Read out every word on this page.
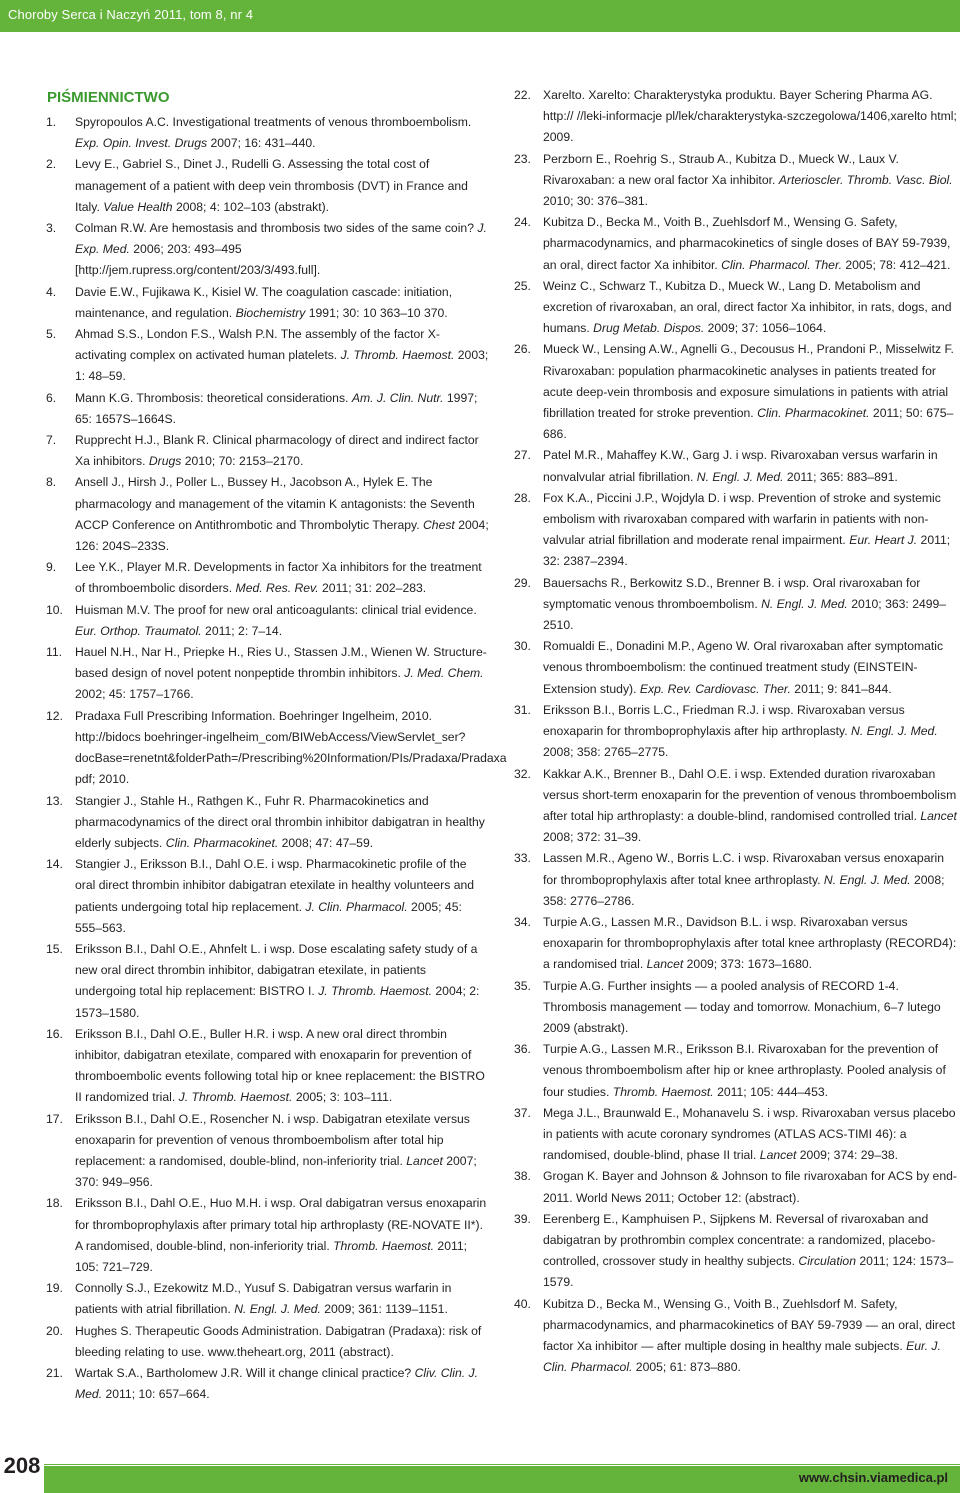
Choroby Serca i Naczyń 2011, tom 8, nr 4
PIŚMIENNICTWO

1. Spyropoulos A.C. Investigational treatments of venous thromboembolism. Exp. Opin. Invest. Drugs 2007; 16: 431–440.

2. Levy E., Gabriel S., Dinet J., Rudelli G. Assessing the total cost of management of a patient with deep vein thrombosis (DVT) in France and Italy. Value Health 2008; 4: 102–103 (abstrakt).

3. Colman R.W. Are hemostasis and thrombosis two sides of the same coin? J. Exp. Med. 2006; 203: 493–495 [http://jem.rupress.org/content/203/3/493.full].

4. Davie E.W., Fujikawa K., Kisiel W. The coagulation cascade: initiation, maintenance, and regulation. Biochemistry 1991; 30: 10 363–10 370.

5. Ahmad S.S., London F.S., Walsh P.N. The assembly of the factor X-activating complex on activated human platelets. J. Thromb. Haemost. 2003; 1: 48–59.

6. Mann K.G. Thrombosis: theoretical considerations. Am. J. Clin. Nutr. 1997; 65: 1657S–1664S.

7. Rupprecht H.J., Blank R. Clinical pharmacology of direct and indirect factor Xa inhibitors. Drugs 2010; 70: 2153–2170.

8. Ansell J., Hirsh J., Poller L., Bussey H., Jacobson A., Hylek E. The pharmacology and management of the vitamin K antagonists: the Seventh ACCP Conference on Antithrombotic and Thrombolytic Therapy. Chest 2004; 126: 204S–233S.

9. Lee Y.K., Player M.R. Developments in factor Xa inhibitors for the treatment of thromboembolic disorders. Med. Res. Rev. 2011; 31: 202–283.

10. Huisman M.V. The proof for new oral anticoagulants: clinical trial evidence. Eur. Orthop. Traumatol. 2011; 2: 7–14.

11. Hauel N.H., Nar H., Priepke H., Ries U., Stassen J.M., Wienen W. Structure-based design of novel potent nonpeptide thrombin inhibitors. J. Med. Chem. 2002; 45: 1757–1766.

12. Pradaxa Full Prescribing Information. Boehringer Ingelheim, 2010. http://bidocs boehringer-ingelheim_com/BIWebAccess/ViewServlet_ser?docBase=renetnt&folderPath=/Prescribing%20Information/PIs/Pradaxa/Pradaxa pdf; 2010.

13. Stangier J., Stahle H., Rathgen K., Fuhr R. Pharmacokinetics and pharmacodynamics of the direct oral thrombin inhibitor dabigatran in healthy elderly subjects. Clin. Pharmacokinet. 2008; 47: 47–59.

14. Stangier J., Eriksson B.I., Dahl O.E. i wsp. Pharmacokinetic profile of the oral direct thrombin inhibitor dabigatran etexilate in healthy volunteers and patients undergoing total hip replacement. J. Clin. Pharmacol. 2005; 45: 555–563.

15. Eriksson B.I., Dahl O.E., Ahnfelt L. i wsp. Dose escalating safety study of a new oral direct thrombin inhibitor, dabigatran etexilate, in patients undergoing total hip replacement: BISTRO I. J. Thromb. Haemost. 2004; 2: 1573–1580.

16. Eriksson B.I., Dahl O.E., Buller H.R. i wsp. A new oral direct thrombin inhibitor, dabigatran etexilate, compared with enoxaparin for prevention of thromboembolic events following total hip or knee replacement: the BISTRO II randomized trial. J. Thromb. Haemost. 2005; 3: 103–111.

17. Eriksson B.I., Dahl O.E., Rosencher N. i wsp. Dabigatran etexilate versus enoxaparin for prevention of venous thromboembolism after total hip replacement: a randomised, double-blind, non-inferiority trial. Lancet 2007; 370: 949–956.

18. Eriksson B.I., Dahl O.E., Huo M.H. i wsp. Oral dabigatran versus enoxaparin for thromboprophylaxis after primary total hip arthroplasty (RE-NOVATE II*). A randomised, double-blind, non-inferiority trial. Thromb. Haemost. 2011; 105: 721–729.

19. Connolly S.J., Ezekowitz M.D., Yusuf S. Dabigatran versus warfarin in patients with atrial fibrillation. N. Engl. J. Med. 2009; 361: 1139–1151.

20. Hughes S. Therapeutic Goods Administration. Dabigatran (Pradaxa): risk of bleeding relating to use. www.theheart.org, 2011 (abstract).

21. Wartak S.A., Bartholomew J.R. Will it change clinical practice? Cliv. Clin. J. Med. 2011; 10: 657–664.

22. Xarelto. Xarelto: Charakterystyka produktu. Bayer Schering Pharma AG. http:// //leki-informacje pl/lek/charakterystyka-szczegolowa/1406,xarelto html; 2009.

23. Perzborn E., Roehrig S., Straub A., Kubitza D., Mueck W., Laux V. Rivaroxaban: a new oral factor Xa inhibitor. Arterioscler. Thromb. Vasc. Biol. 2010; 30: 376–381.

24. Kubitza D., Becka M., Voith B., Zuehlsdorf M., Wensing G. Safety, pharmacodynamics, and pharmacokinetics of single doses of BAY 59-7939, an oral, direct factor Xa inhibitor. Clin. Pharmacol. Ther. 2005; 78: 412–421.

25. Weinz C., Schwarz T., Kubitza D., Mueck W., Lang D. Metabolism and excretion of rivaroxaban, an oral, direct factor Xa inhibitor, in rats, dogs, and humans. Drug Metab. Dispos. 2009; 37: 1056–1064.

26. Mueck W., Lensing A.W., Agnelli G., Decousus H., Prandoni P., Misselwitz F. Rivaroxaban: population pharmacokinetic analyses in patients treated for acute deep-vein thrombosis and exposure simulations in patients with atrial fibrillation treated for stroke prevention. Clin. Pharmacokinet. 2011; 50: 675–686.

27. Patel M.R., Mahaffey K.W., Garg J. i wsp. Rivaroxaban versus warfarin in nonvalvular atrial fibrillation. N. Engl. J. Med. 2011; 365: 883–891.

28. Fox K.A., Piccini J.P., Wojdyla D. i wsp. Prevention of stroke and systemic embolism with rivaroxaban compared with warfarin in patients with non-valvular atrial fibrillation and moderate renal impairment. Eur. Heart J. 2011; 32: 2387–2394.

29. Bauersachs R., Berkowitz S.D., Brenner B. i wsp. Oral rivaroxaban for symptomatic venous thromboembolism. N. Engl. J. Med. 2010; 363: 2499–2510.

30. Romualdi E., Donadini M.P., Ageno W. Oral rivaroxaban after symptomatic venous thromboembolism: the continued treatment study (EINSTEIN-Extension study). Exp. Rev. Cardiovasc. Ther. 2011; 9: 841–844.

31. Eriksson B.I., Borris L.C., Friedman R.J. i wsp. Rivaroxaban versus enoxaparin for thromboprophylaxis after hip arthroplasty. N. Engl. J. Med. 2008; 358: 2765–2775.

32. Kakkar A.K., Brenner B., Dahl O.E. i wsp. Extended duration rivaroxaban versus short-term enoxaparin for the prevention of venous thromboembolism after total hip arthroplasty: a double-blind, randomised controlled trial. Lancet 2008; 372: 31–39.

33. Lassen M.R., Ageno W., Borris L.C. i wsp. Rivaroxaban versus enoxaparin for thromboprophylaxis after total knee arthroplasty. N. Engl. J. Med. 2008; 358: 2776–2786.

34. Turpie A.G., Lassen M.R., Davidson B.L. i wsp. Rivaroxaban versus enoxaparin for thromboprophylaxis after total knee arthroplasty (RECORD4): a randomised trial. Lancet 2009; 373: 1673–1680.

35. Turpie A.G. Further insights — a pooled analysis of RECORD 1-4. Thrombosis management — today and tomorrow. Monachium, 6–7 lutego 2009 (abstrakt).

36. Turpie A.G., Lassen M.R., Eriksson B.I. Rivaroxaban for the prevention of venous thromboembolism after hip or knee arthroplasty. Pooled analysis of four studies. Thromb. Haemost. 2011; 105: 444–453.

37. Mega J.L., Braunwald E., Mohanavelu S. i wsp. Rivaroxaban versus placebo in patients with acute coronary syndromes (ATLAS ACS-TIMI 46): a randomised, double-blind, phase II trial. Lancet 2009; 374: 29–38.

38. Grogan K. Bayer and Johnson & Johnson to file rivaroxaban for ACS by end-2011. World News 2011; October 12: (abstract).

39. Eerenberg E., Kamphuisen P., Sijpkens M. Reversal of rivaroxaban and dabigatran by prothrombin complex concentrate: a randomized, placebo-controlled, crossover study in healthy subjects. Circulation 2011; 124: 1573–1579.

40. Kubitza D., Becka M., Wensing G., Voith B., Zuehlsdorf M. Safety, pharmacodynamics, and pharmacokinetics of BAY 59-7939 — an oral, direct factor Xa inhibitor — after multiple dosing in healthy male subjects. Eur. J. Clin. Pharmacol. 2005; 61: 873–880.

208	www.chsin.viamedica.pl
